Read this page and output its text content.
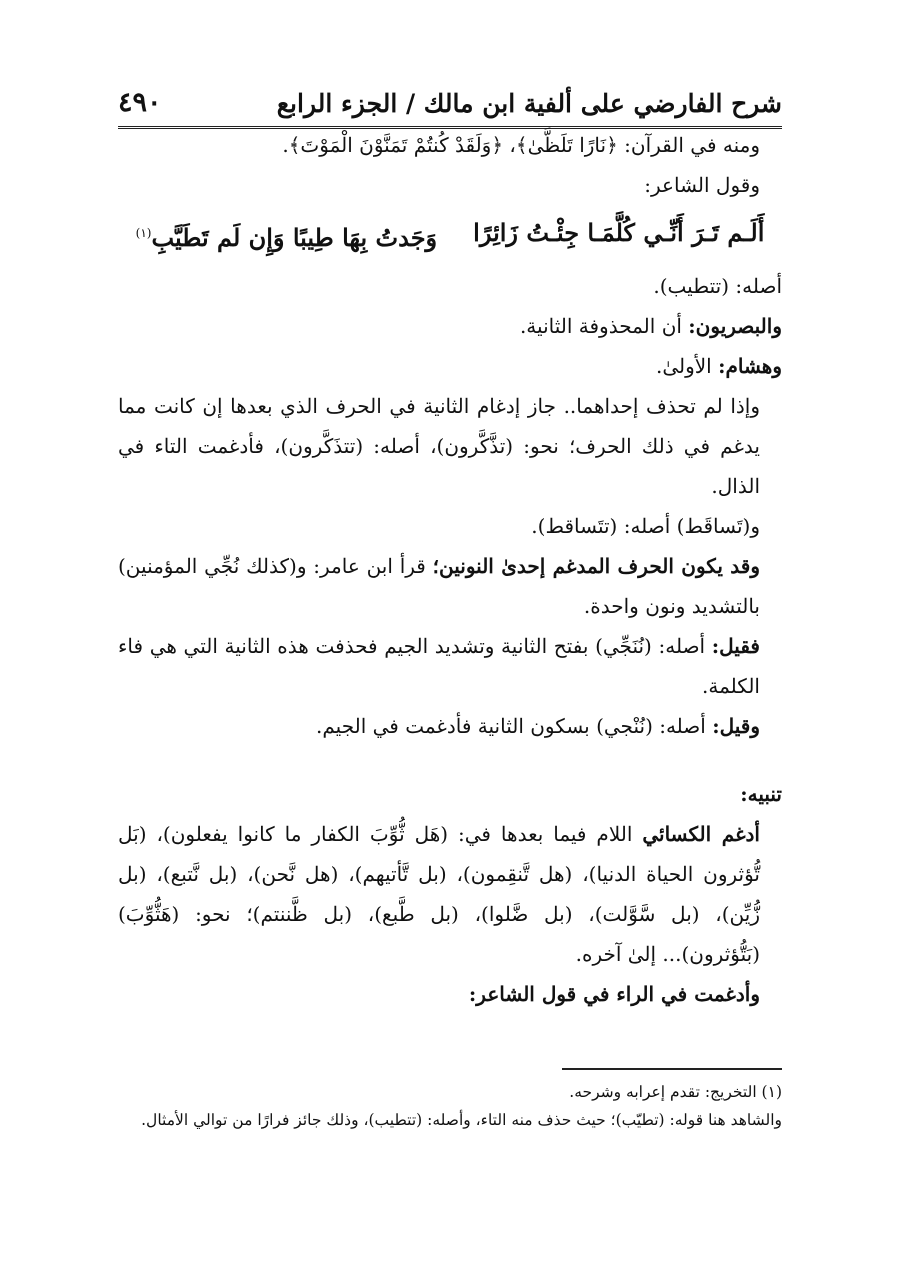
شرح الفارضي على ألفية ابن مالك / الجزء الرابع
٤٩٠

ومنه في القرآن: ﴿نَارًا تَلَظَّىٰ﴾، ﴿وَلَقَدْ كُنتُمْ تَمَنَّوْنَ الْمَوْتَ﴾.

وقول الشاعر:

أَلَـم تَـرَ أَنِّـي كُلَّمَـا جِئْـتُ زَائِرًا
وَجَدتُ بِهَا طِيبًا وَإِن لَم تَطَيَّبِ$^{(١)}$

أصله: (تتطيب).

والبصريون: أن المحذوفة الثانية.

وهشام: الأولىٰ.

وإذا لم تحذف إحداهما.. جاز إدغام الثانية في الحرف الذي بعدها إن كانت مما يدغم في ذلك الحرف؛ نحو: (تذَّكَّرون)، أصله: (تتذَكَّرون)، فأدغمت التاء في الذال.

و(تَساقَط) أصله: (تتَساقط).

وقد يكون الحرف المدغم إحدىٰ النونين؛ قرأ ابن عامر: و(كذلك نُجِّي المؤمنين) بالتشديد ونون واحدة.

فقيل: أصله: (نُنَجِّي) بفتح الثانية وتشديد الجيم فحذفت هذه الثانية التي هي فاء الكلمة.

وقيل: أصله: (نُنْجي) بسكون الثانية فأدغمت في الجيم.

تنبيه:

أدغم الكسائي اللام فيما بعدها في: (هَل ثُّوِّبَ الكفار ما كانوا يفعلون)، (بَل تُّؤثرون الحياة الدنيا)، (هل تَّنقِمون)، (بل تَّأتيهم)، (هل نَّحن)، (بل نَّتبع)، (بل زُّيِّن)، (بل سَّوَّلت)، (بل ضَّلوا)، (بل طَّبع)، (بل ظَّننتم)؛ نحو: (هَثُّوِّبَ) (بَتُّؤثرون)... إلىٰ آخره.

وأدغمت في الراء في قول الشاعر:

(١) التخريج: تقدم إعرابه وشرحه.
والشاهد هنا قوله: (تطيّب)؛ حيث حذف منه التاء، وأصله: (تتطيب)، وذلك جائز فرارًا من توالي الأمثال.
